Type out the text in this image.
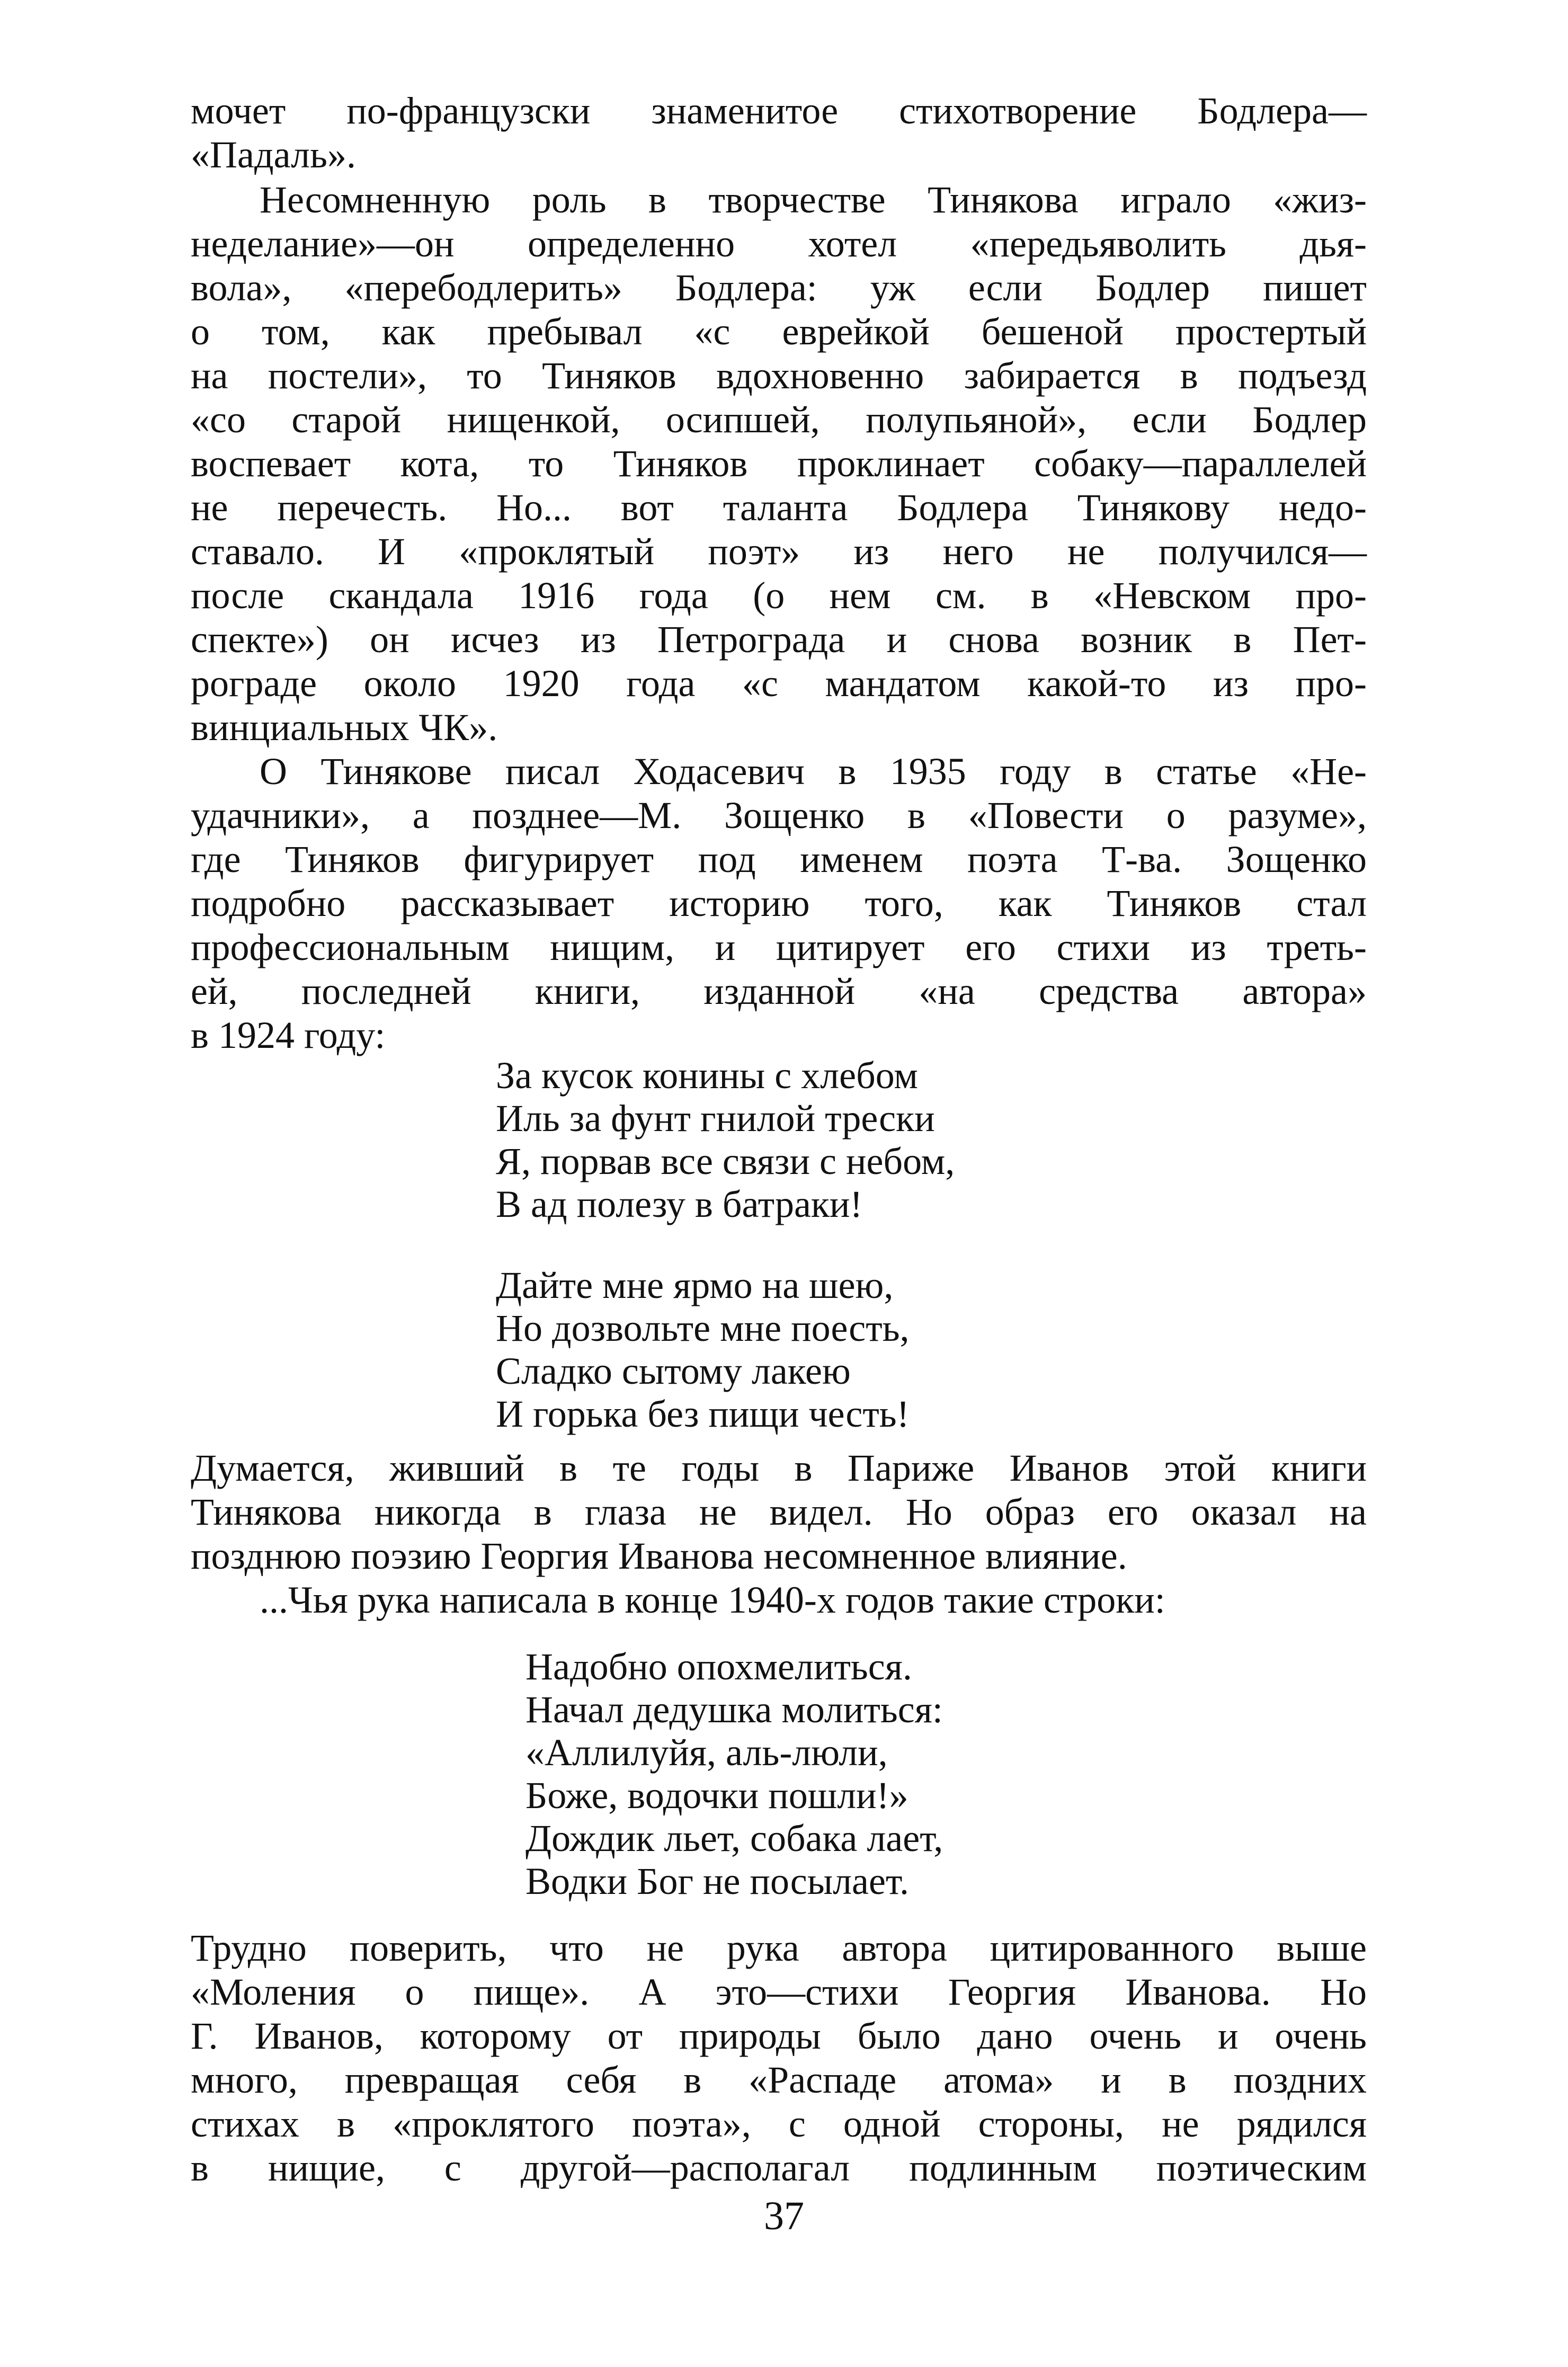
мочет по-французски знаменитое стихотворение Бодлера—
«Падаль».
Несомненную роль в творчестве Тинякова играло «жиз-
неделание»—он определенно хотел «передьяволить дья-
вола», «перебодлерить» Бодлера: уж если Бодлер пишет
о том, как пребывал «с еврейкой бешеной простертый
на постели», то Тиняков вдохновенно забирается в подъезд
«со старой нищенкой, осипшей, полупьяной», если Бодлер
воспевает кота, то Тиняков проклинает собаку—параллелей
не перечесть. Но... вот таланта Бодлера Тинякову недо-
ставало. И «проклятый поэт» из него не получился—
после скандала 1916 года (о нем см. в «Невском про-
спекте») он исчез из Петрограда и снова возник в Пет-
рограде около 1920 года «с мандатом какой-то из про-
винциальных ЧК».
О Тинякове писал Ходасевич в 1935 году в статье «Не-
удачники», а позднее—М. Зощенко в «Повести о разуме»,
где Тиняков фигурирует под именем поэта Т-ва. Зощенко
подробно рассказывает историю того, как Тиняков стал
профессиональным нищим, и цитирует его стихи из треть-
ей, последней книги, изданной «на средства автора»
в 1924 году:
За кусок конины с хлебом
Иль за фунт гнилой трески
Я, порвав все связи с небом,
В ад полезу в батраки!
Дайте мне ярмо на шею,
Но дозвольте мне поесть,
Сладко сытому лакею
И горька без пищи честь!
Думается, живший в те годы в Париже Иванов этой книги
Тинякова никогда в глаза не видел. Но образ его оказал на
позднюю поэзию Георгия Иванова несомненное влияние.
...Чья рука написала в конце 1940-х годов такие строки:
Надобно опохмелиться.
Начал дедушка молиться:
«Аллилуйя, аль-люли,
Боже, водочки пошли!»
Дождик льет, собака лает,
Водки Бог не посылает.
Трудно поверить, что не рука автора цитированного выше
«Моления о пище». А это—стихи Георгия Иванова. Но
Г. Иванов, которому от природы было дано очень и очень
много, превращая себя в «Распаде атома» и в поздних
стихах в «проклятого поэта», с одной стороны, не рядился
в нищие, с другой—располагал подлинным поэтическим
37
